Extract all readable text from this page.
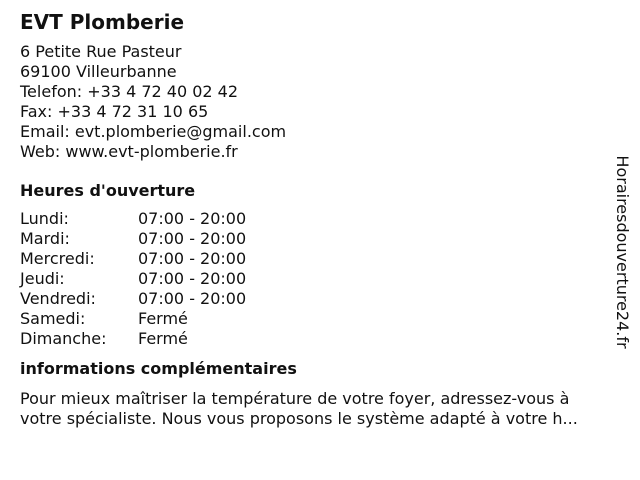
EVT Plomberie
6 Petite Rue Pasteur
69100 Villeurbanne
Telefon: +33 4 72 40 02 42
Fax: +33 4 72 31 10 65
Email: evt.plomberie@gmail.com
Web: www.evt-plomberie.fr
Heures d'ouverture
Lundi:	07:00 - 20:00
Mardi:	07:00 - 20:00
Mercredi:	07:00 - 20:00
Jeudi:	07:00 - 20:00
Vendredi:	07:00 - 20:00
Samedi:	Fermé
Dimanche:	Fermé
informations complémentaires
Pour mieux maîtriser la température de votre foyer, adressez-vous à
votre spécialiste. Nous vous proposons le système adapté à votre h...
Horairesdouverture24.fr
